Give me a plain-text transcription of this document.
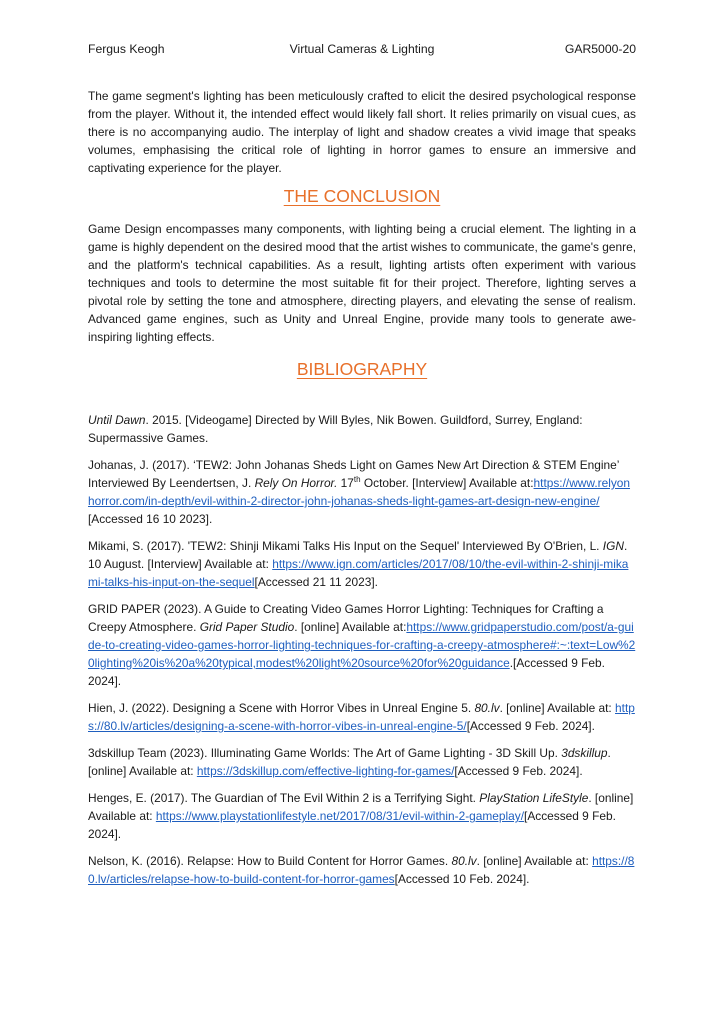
Fergus Keogh	Virtual Cameras & Lighting	GAR5000-20

The game segment's lighting has been meticulously crafted to elicit the desired psychological response from the player. Without it, the intended effect would likely fall short. It relies primarily on visual cues, as there is no accompanying audio. The interplay of light and shadow creates a vivid image that speaks volumes, emphasising the critical role of lighting in horror games to ensure an immersive and captivating experience for the player.

THE CONCLUSION

Game Design encompasses many components, with lighting being a crucial element. The lighting in a game is highly dependent on the desired mood that the artist wishes to communicate, the game's genre, and the platform's technical capabilities. As a result, lighting artists often experiment with various techniques and tools to determine the most suitable fit for their project. Therefore, lighting serves a pivotal role by setting the tone and atmosphere, directing players, and elevating the sense of realism. Advanced game engines, such as Unity and Unreal Engine, provide many tools to generate awe-inspiring lighting effects.

BIBLIOGRAPHY

Until Dawn. 2015. [Videogame] Directed by Will Byles, Nik Bowen. Guildford, Surrey, England: Supermassive Games.

Johanas, J. (2017). ‘TEW2: John Johanas Sheds Light on Games New Art Direction & STEM Engine’ Interviewed By Leendertsen, J. Rely On Horror. 17th October. [Interview] Available at:https://www.relyonhorror.com/in-depth/evil-within-2-director-john-johanas-sheds-light-games-art-design-new-engine/[Accessed 16 10 2023].

Mikami, S. (2017). 'TEW2: Shinji Mikami Talks His Input on the Sequel' Interviewed By O'Brien, L. IGN. 10 August. [Interview] Available at: https://www.ign.com/articles/2017/08/10/the-evil-within-2-shinji-mikami-talks-his-input-on-the-sequel[Accessed 21 11 2023].

GRID PAPER (2023). A Guide to Creating Video Games Horror Lighting: Techniques for Crafting a Creepy Atmosphere. Grid Paper Studio. [online] Available at:https://www.gridpaperstudio.com/post/a-guide-to-creating-video-games-horror-lighting-techniques-for-crafting-a-creepy-atmosphere#:~:text=Low%20lighting%20is%20a%20typical,modest%20light%20source%20for%20guidance.[Accessed 9 Feb. 2024].

Hien, J. (2022). Designing a Scene with Horror Vibes in Unreal Engine 5. 80.lv. [online] Available at: https://80.lv/articles/designing-a-scene-with-horror-vibes-in-unreal-engine-5/[Accessed 9 Feb. 2024].

3dskillup Team (2023). Illuminating Game Worlds: The Art of Game Lighting - 3D Skill Up. 3dskillup. [online] Available at: https://3dskillup.com/effective-lighting-for-games/[Accessed 9 Feb. 2024].

Henges, E. (2017). The Guardian of The Evil Within 2 is a Terrifying Sight. PlayStation LifeStyle. [online] Available at: https://www.playstationlifestyle.net/2017/08/31/evil-within-2-gameplay/[Accessed 9 Feb. 2024].

Nelson, K. (2016). Relapse: How to Build Content for Horror Games. 80.lv. [online] Available at: https://80.lv/articles/relapse-how-to-build-content-for-horror-games[Accessed 10 Feb. 2024].
